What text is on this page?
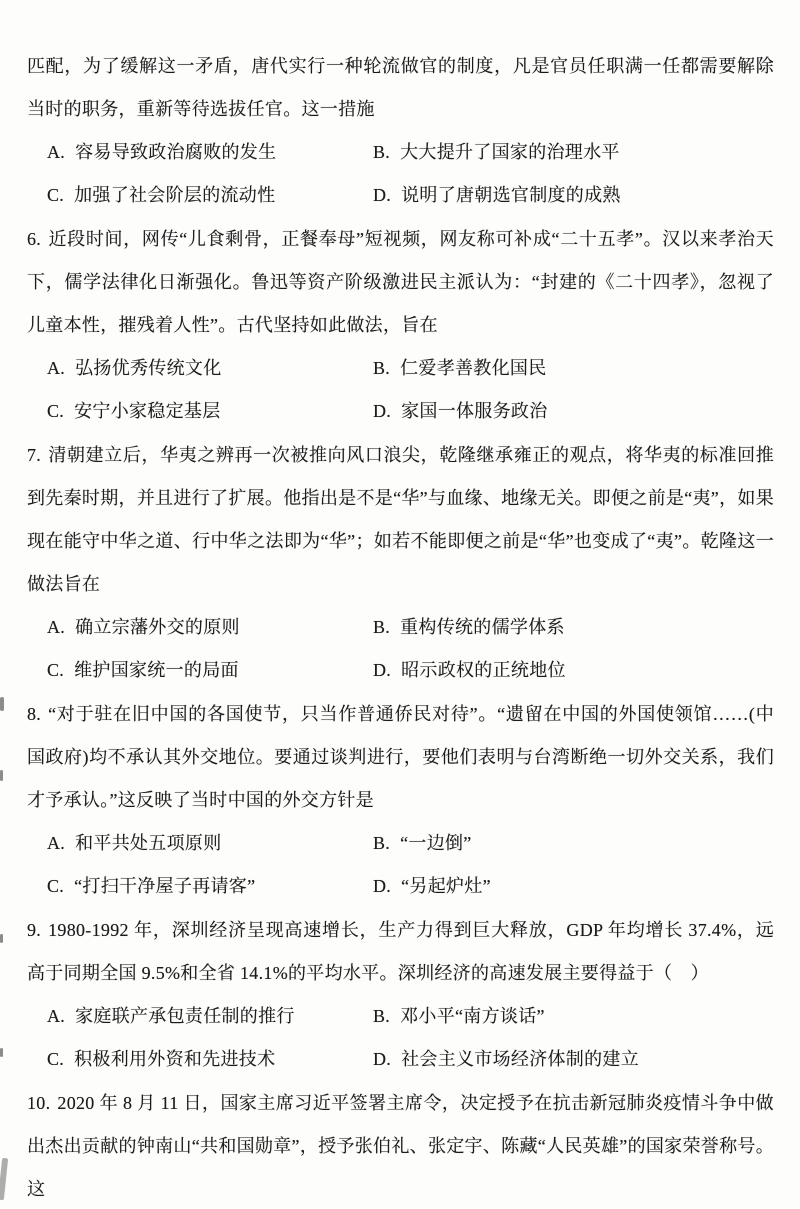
匹配，为了缓解这一矛盾，唐代实行一种轮流做官的制度，凡是官员任职满一任都需要解除当时的职务，重新等待选拔任官。这一措施

A. 容易导致政治腐败的发生	B. 大大提升了国家的治理水平
C. 加强了社会阶层的流动性	D. 说明了唐朝选官制度的成熟

6. 近段时间，网传“儿食剩骨，正餐奉母”短视频，网友称可补成“二十五孝”。汉以来孝治天下，儒学法律化日渐强化。鲁迅等资产阶级激进民主派认为：“封建的《二十四孝》，忽视了儿童本性，摧残着人性”。古代坚持如此做法，旨在

A. 弘扬优秀传统文化	B. 仁爱孝善教化国民
C. 安宁小家稳定基层	D. 家国一体服务政治

7. 清朝建立后，华夷之辨再一次被推向风口浪尖，乾隆继承雍正的观点，将华夷的标准回推到先秦时期，并且进行了扩展。他指出是不是“华”与血缘、地缘无关。即便之前是“夷”，如果现在能守中华之道、行中华之法即为“华”；如若不能即便之前是“华”也变成了“夷”。乾隆这一做法旨在

A. 确立宗藩外交的原则	B. 重构传统的儒学体系
C. 维护国家统一的局面	D. 昭示政权的正统地位

8. “对于驻在旧中国的各国使节，只当作普通侨民对待”。“遗留在中国的外国使领馆……(中国政府)均不承认其外交地位。要通过谈判进行，要他们表明与台湾断绝一切外交关系，我们才予承认。”这反映了当时中国的外交方针是

A. 和平共处五项原则	B. “一边倒”
C. “打扫干净屋子再请客”	D. “另起炉灶”

9. 1980-1992 年，深圳经济呈现高速增长，生产力得到巨大释放，GDP 年均增长 37.4%，远高于同期全国 9.5%和全省 14.1%的平均水平。深圳经济的高速发展主要得益于（　）

A. 家庭联产承包责任制的推行	B. 邓小平“南方谈话”
C. 积极利用外资和先进技术	D. 社会主义市场经济体制的建立

10. 2020 年 8 月 11 日，国家主席习近平签署主席令，决定授予在抗击新冠肺炎疫情斗争中做出杰出贡献的钟南山“共和国勋章”，授予张伯礼、张定宇、陈藏“人民英雄”的国家荣誉称号。这
